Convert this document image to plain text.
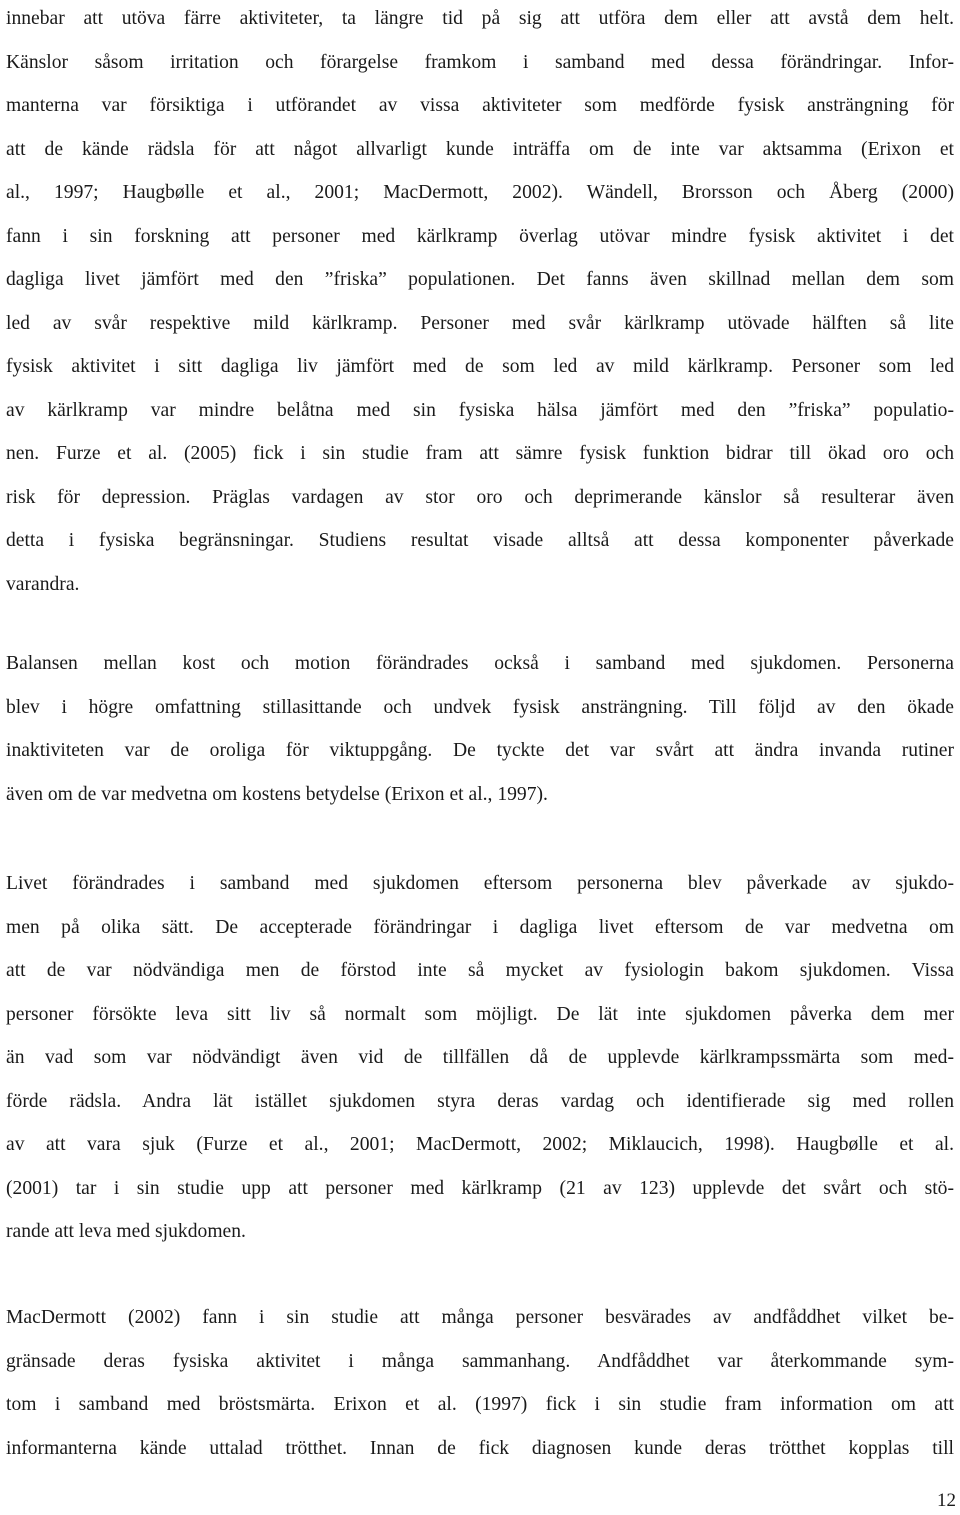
innebar att utöva färre aktiviteter, ta längre tid på sig att utföra dem eller att avstå dem helt.
Känslor såsom irritation och förargelse framkom i samband med dessa förändringar. Infor-
manterna var försiktiga i utförandet av vissa aktiviteter som medförde fysisk ansträngning för
att de kände rädsla för att något allvarligt kunde inträffa om de inte var aktsamma (Erixon et
al., 1997; Haugbølle et al., 2001; MacDermott, 2002). Wändell, Brorsson och Åberg (2000)
fann i sin forskning att personer med kärlkramp överlag utövar mindre fysisk aktivitet i det
dagliga livet jämfört med den ”friska” populationen. Det fanns även skillnad mellan dem som
led av svår respektive mild kärlkramp. Personer med svår kärlkramp utövade hälften så lite
fysisk aktivitet i sitt dagliga liv jämfört med de som led av mild kärlkramp. Personer som led
av kärlkramp var mindre belåtna med sin fysiska hälsa jämfört med den ”friska” populatio-
nen. Furze et al. (2005) fick i sin studie fram att sämre fysisk funktion bidrar till ökad oro och
risk för depression. Präglas vardagen av stor oro och deprimerande känslor så resulterar även
detta i fysiska begränsningar. Studiens resultat visade alltså att dessa komponenter påverkade
varandra.
Balansen mellan kost och motion förändrades också i samband med sjukdomen. Personerna
blev i högre omfattning stillasittande och undvek fysisk ansträngning. Till följd av den ökade
inaktiviteten var de oroliga för viktuppgång. De tyckte det var svårt att ändra invanda rutiner
även om de var medvetna om kostens betydelse (Erixon et al., 1997).
Livet förändrades i samband med sjukdomen eftersom personerna blev påverkade av sjukdo-
men på olika sätt. De accepterade förändringar i dagliga livet eftersom de var medvetna om
att de var nödvändiga men de förstod inte så mycket av fysiologin bakom sjukdomen. Vissa
personer försökte leva sitt liv så normalt som möjligt. De lät inte sjukdomen påverka dem mer
än vad som var nödvändigt även vid de tillfällen då de upplevde kärlkrampssmärta som med-
förde rädsla. Andra lät istället sjukdomen styra deras vardag och identifierade sig med rollen
av att vara sjuk (Furze et al., 2001; MacDermott, 2002; Miklaucich, 1998). Haugbølle et al.
(2001) tar i sin studie upp att personer med kärlkramp (21 av 123) upplevde det svårt och stö-
rande att leva med sjukdomen.
MacDermott (2002) fann i sin studie att många personer besvärades av andfåddhet vilket be-
gränsade deras fysiska aktivitet i många sammanhang. Andfåddhet var återkommande sym-
tom i samband med bröstsmärta. Erixon et al. (1997) fick i sin studie fram information om att
informanterna kände uttalad trötthet. Innan de fick diagnosen kunde deras trötthet kopplas till
12
